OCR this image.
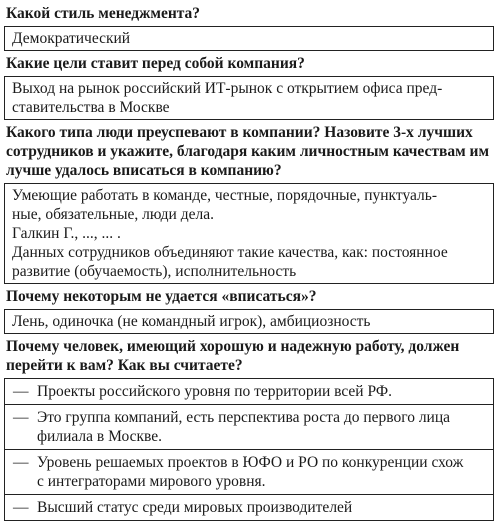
Какой стиль менеджмента?

Демократический

Какие цели ставит перед собой компания?

Выход на рынок российский ИТ-рынок с открытием офиса пред-

ставительства в Москве

Какого типа люди преуспевают в компании? Назовите 3-х лучших
сотрудников и укажите, благодаря каким личностным качествам им
лучше удалось вписаться в компанию?

Умеющие работать в команде, честные, порядочные, пунктуаль-

ные, обязательные, люди дела.

Галкин Г., ..., ... .

Данных сотрудников объединяют такие качества, как: постоянное

развитие (обучаемость), исполнительность

Почему некоторым не удается «вписаться»?

Лень, одиночка (не командный игрок), амбициозность

Почему человек, имеющий хорошую и надежную работу, должен
перейти к вам? Как вы считаете?
— Проекты российского уровня по территории всей РФ.
— Это группа компаний, есть перспектива роста до первого лица
филиала в Москве.
— Уровень решаемых проектов в ЮФО и РО по конкуренции схож
с интеграторами мирового уровня.
— Высший статус среди мировых производителей
